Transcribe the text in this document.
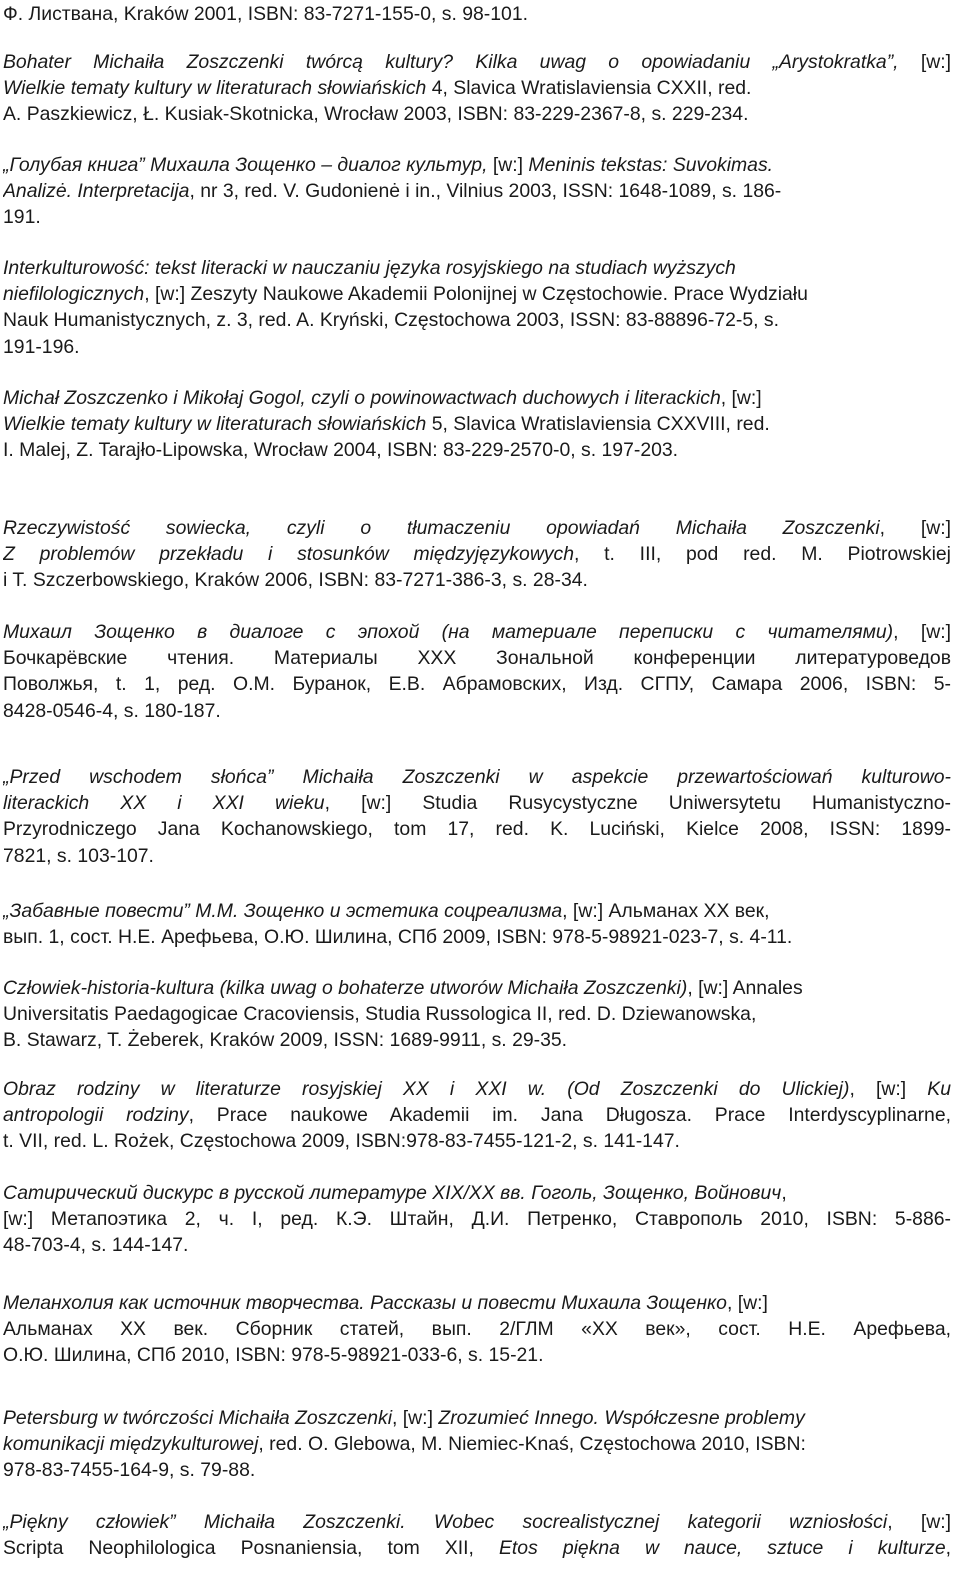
Ф. Листвана, Kraków 2001, ISBN: 83-7271-155-0, s. 98-101.

Bohater Michaiła Zoszczenki twórcą kultury? Kilka uwag o opowiadaniu „Arystokratka”, [w:]
Wielkie tematy kultury w literaturach słowiańskich 4, Slavica Wratislaviensia CXXII, red.
A. Paszkiewicz, Ł. Kusiak-Skotnicka, Wrocław 2003, ISBN: 83-229-2367-8, s. 229-234.

„Голубая книга” Михаила Зощенко – диалог культур, [w:] Meninis tekstas: Suvokimas.
Analizė. Interpretacija, nr 3, red. V. Gudonienė i in., Vilnius 2003, ISSN: 1648-1089, s. 186-
191.

Interkulturowość: tekst literacki w nauczaniu języka rosyjskiego na studiach wyższych
niefilologicznych, [w:] Zeszyty Naukowe Akademii Polonijnej w Częstochowie. Prace Wydziału
Nauk Humanistycznych, z. 3, red. A. Kryński, Częstochowa 2003, ISSN: 83-88896-72-5, s.
191-196.

Michał Zoszczenko i Mikołaj Gogol, czyli o powinowactwach duchowych i literackich, [w:]
Wielkie tematy kultury w literaturach słowiańskich 5, Slavica Wratislaviensia CXXVIII, red.
I. Malej, Z. Tarajło-Lipowska, Wrocław 2004, ISBN: 83-229-2570-0, s. 197-203.

Rzeczywistość sowiecka, czyli o tłumaczeniu opowiadań Michaiła Zoszczenki, [w:]
Z problemów przekładu i stosunków międzyjęzykowych, t. III, pod red. M. Piotrowskiej
i T. Szczerbowskiego, Kraków 2006, ISBN: 83-7271-386-3, s. 28-34.

Михаил Зощенко в диалоге с эпохой (на материале переписки с читателями), [w:]
Бочкарёвские чтения. Материалы XXX Зональной конференции литературоведов
Поволжья, t. 1, ред. О.М. Буранок, Е.В. Абрамовских, Изд. СГПУ, Самара 2006, ISBN: 5-
8428-0546-4, s. 180-187.

„Przed wschodem słońca” Michaiła Zoszczenki w aspekcie przewartościowań kulturowo-
literackich XX i XXI wieku, [w:] Studia Rusycystyczne Uniwersytetu Humanistyczno-
Przyrodniczego Jana Kochanowskiego, tom 17, red. K. Luciński, Kielce 2008, ISSN: 1899-
7821, s. 103-107.

„Забавные повести” М.М. Зощенко и эстетика соцреализма, [w:] Альманах XX век,
вып. 1, сост. Н.Е. Арефьева, О.Ю. Шилина, СПб 2009, ISBN: 978-5-98921-023-7, s. 4-11.

Człowiek-historia-kultura (kilka uwag o bohaterze utworów Michaiła Zoszczenki), [w:] Annales
Universitatis Paedagogicae Cracoviensis, Studia Russologica II, red. D. Dziewanowska,
B. Stawarz, T. Żeberek, Kraków 2009, ISSN: 1689-9911, s. 29-35.

Obraz rodziny w literaturze rosyjskiej XX i XXI w. (Od Zoszczenki do Ulickiej), [w:] Ku
antropologii rodziny, Prace naukowe Akademii im. Jana Długosza. Prace Interdyscyplinarne,
t. VII, red. L. Rożek, Częstochowa 2009, ISBN:978-83-7455-121-2, s. 141-147.

Сатирический дискурс в русской литературе XIX/XX вв. Гоголь, Зощенко, Войнович,
[w:] Метапоэтика 2, ч. I, ред. К.Э. Штайн, Д.И. Петренко, Ставрополь 2010, ISBN: 5-886-
48-703-4, s. 144-147.

Меланхолия как источник творчества. Рассказы и повести Михаила Зощенко, [w:]
Альманах XX век. Сборник статей, вып. 2/ГЛМ «XX век», сост. Н.Е. Арефьева,
О.Ю. Шилина, СПб 2010, ISBN: 978-5-98921-033-6, s. 15-21.

Petersburg w twórczości Michaiła Zoszczenki, [w:] Zrozumieć Innego. Współczesne problemy
komunikacji międzykulturowej, red. O. Glebowa, M. Niemiec-Knaś, Częstochowa 2010, ISBN:
978-83-7455-164-9, s. 79-88.

„Piękny człowiek” Michaiła Zoszczenki. Wobec socrealistycznej kategorii wzniosłości, [w:]
Scripta Neophilologica Posnaniensia, tom XII, Etos piękna w nauce, sztuce i kulturze,
